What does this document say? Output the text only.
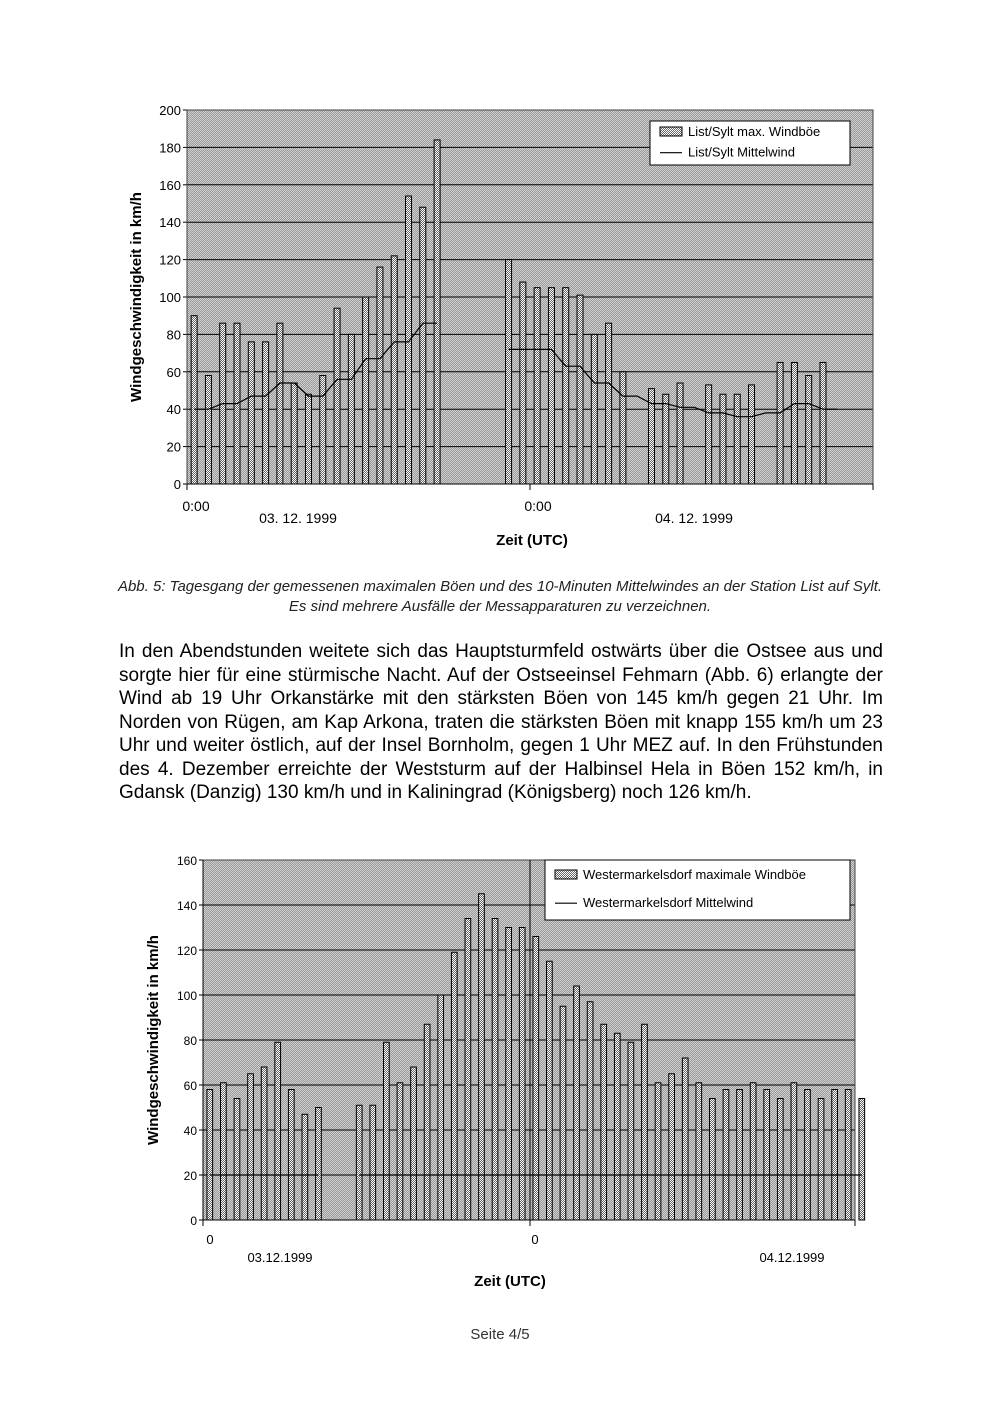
0
20
40
60
80
100
120
140
160
180
200
0:00
03. 12. 1999
0:00
04. 12. 1999
Zeit (UTC)
Windgeschwindigkeit in km/h
List/Sylt max. Windböe
List/Sylt Mittelwind
Abb. 5: Tagesgang der gemessenen maximalen Böen und des 10-Minuten Mittelwindes an der Station List auf Sylt. Es sind mehrere Ausfälle der Messapparaturen zu verzeichnen.
In den Abendstunden weitete sich das Hauptsturmfeld ostwärts über die Ostsee aus und sorgte hier für eine stürmische Nacht. Auf der Ostseeinsel Fehmarn (Abb. 6) erlangte der Wind ab 19 Uhr Orkanstärke mit den stärksten Böen von 145 km/h gegen 21 Uhr. Im Norden von Rügen, am Kap Arkona, traten die stärksten Böen mit knapp 155 km/h um 23 Uhr und weiter östlich, auf der Insel Bornholm, gegen 1 Uhr MEZ auf. In den Frühstunden des 4. Dezember erreichte der Weststurm auf der Halbinsel Hela in Böen 152 km/h, in Gdansk (Danzig) 130 km/h und in Kaliningrad (Königsberg) noch 126 km/h.
0
20
40
60
80
100
120
140
160
0
03.12.1999
0
04.12.1999
Zeit (UTC)
Windgeschwindigkeit in km/h
Westermarkelsdorf maximale Windböe
Westermarkelsdorf Mittelwind
Seite 4/5
